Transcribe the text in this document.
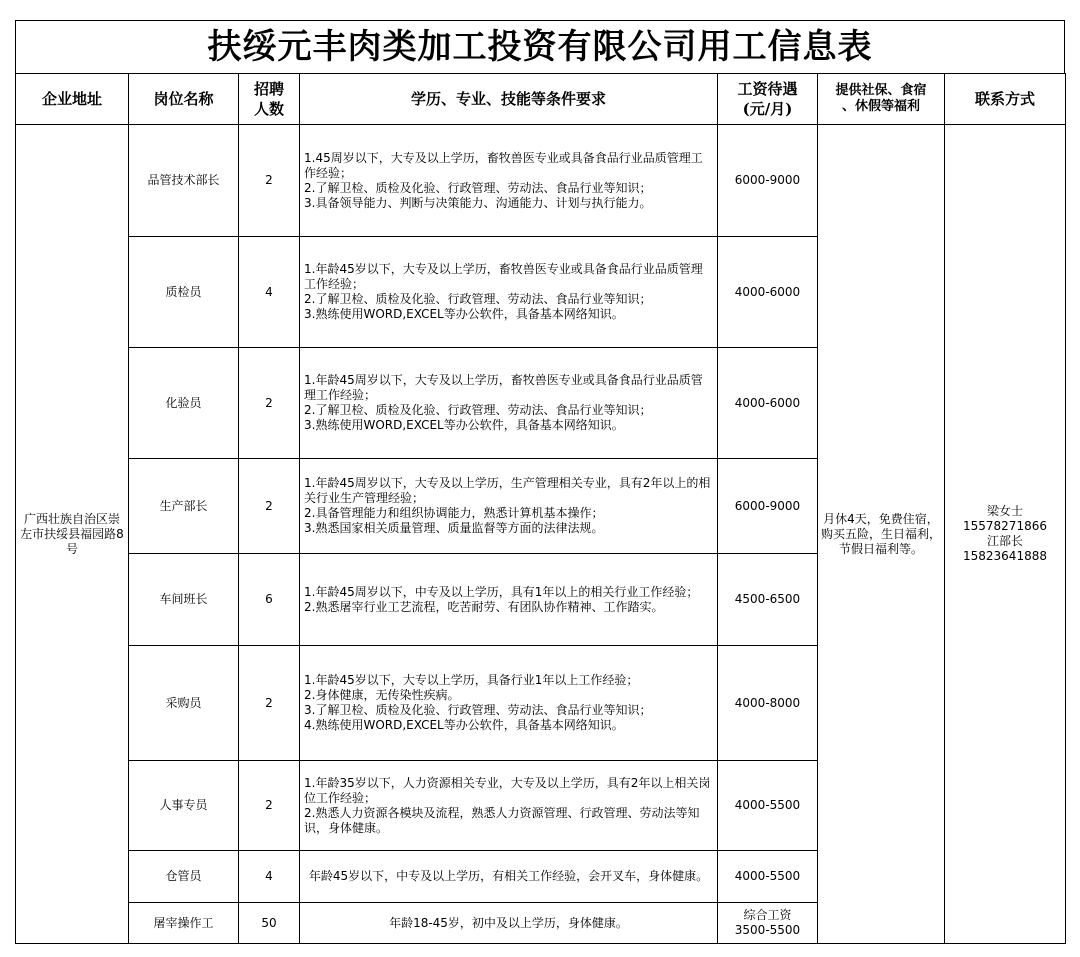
扶绥元丰肉类加工投资有限公司用工信息表
企业地址	岗位名称	招聘
人数	学历、专业、技能等条件要求	工资待遇
(元/月)	提供社保、食宿
、休假等福利	联系方式
广西壮族自治区崇左市扶绥县福园路8号	品管技术部长	2	1.45周岁以下，大专及以上学历，畜牧兽医专业或具备食品行业品质管理工作经验；
2.了解卫检、质检及化验、行政管理、劳动法、食品行业等知识；
3.具备领导能力、判断与决策能力、沟通能力、计划与执行能力。	6000-9000	月休4天，免费住宿，购买五险，生日福利，节假日福利等。	梁女士
15578271866
江部长
15823641888

	质检员	4	1.年龄45岁以下，大专及以上学历，畜牧兽医专业或具备食品行业品质管理工作经验；
2.了解卫检、质检及化验、行政管理、劳动法、食品行业等知识；
3.熟练使用WORD,EXCEL等办公软件，具备基本网络知识。	4000-6000		
	化验员	2	1.年龄45周岁以下，大专及以上学历，畜牧兽医专业或具备食品行业品质管理工作经验；
2.了解卫检、质检及化验、行政管理、劳动法、食品行业等知识；
3.熟练使用WORD,EXCEL等办公软件，具备基本网络知识。	4000-6000		
	生产部长	2	1.年龄45周岁以下，大专及以上学历，生产管理相关专业，具有2年以上的相关行业生产管理经验；
2.具备管理能力和组织协调能力，熟悉计算机基本操作；
3.熟悉国家相关质量管理、质量监督等方面的法律法规。	6000-9000		
	车间班长	6	1.年龄45周岁以下，中专及以上学历，具有1年以上的相关行业工作经验；
2.熟悉屠宰行业工艺流程，吃苦耐劳、有团队协作精神、工作踏实。	4500-6500		
	采购员	2	1.年龄45岁以下，大专以上学历，具备行业1年以上工作经验；
2.身体健康，无传染性疾病。
3.了解卫检、质检及化验、行政管理、劳动法、食品行业等知识；
4.熟练使用WORD,EXCEL等办公软件，具备基本网络知识。	4000-8000		
	人事专员	2	1.年龄35岁以下，人力资源相关专业，大专及以上学历，具有2年以上相关岗位工作经验；
2.熟悉人力资源各模块及流程，熟悉人力资源管理、行政管理、劳动法等知识，身体健康。	4000-5500		
	仓管员	4	年龄45岁以下，中专及以上学历，有相关工作经验，会开叉车，身体健康。	4000-5500		
	屠宰操作工	50	年龄18-45岁，初中及以上学历，身体健康。	综合工资
3500-5500		
